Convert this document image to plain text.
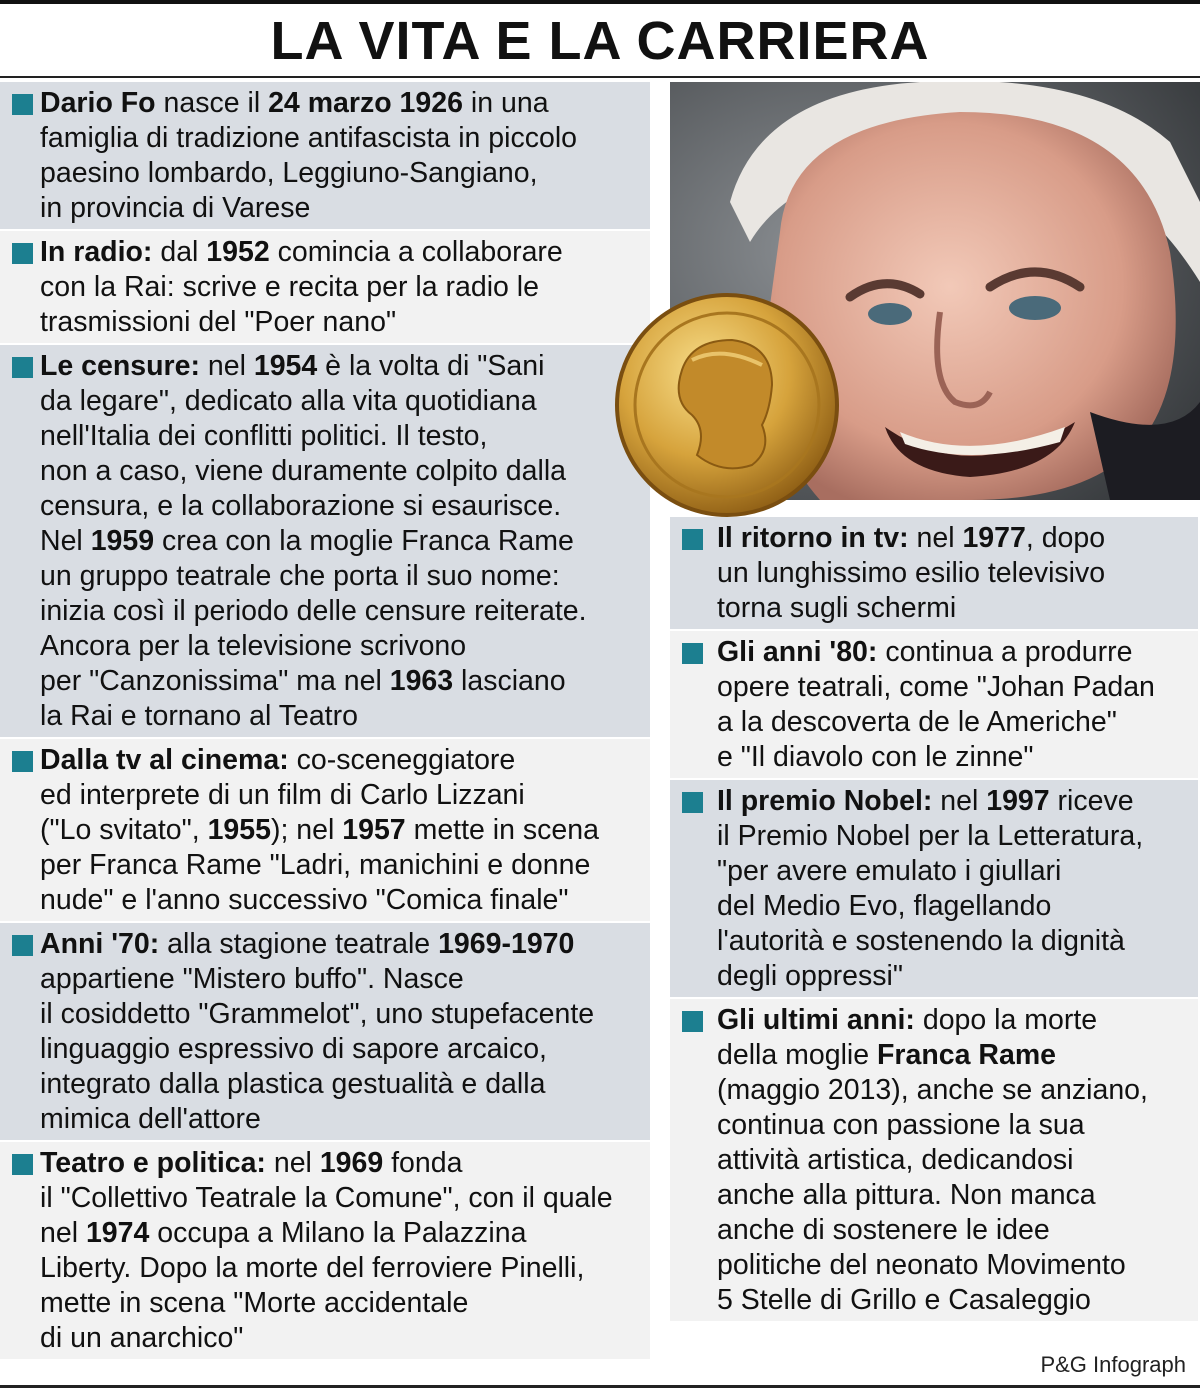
LA VITA E LA CARRIERA
Dario Fo nasce il 24 marzo 1926 in una
famiglia di tradizione antifascista in piccolo
paesino lombardo, Leggiuno-Sangiano,
in provincia di Varese
In radio: dal 1952 comincia a collaborare
con la Rai: scrive e recita per la radio le
trasmissioni del "Poer nano"
Le censure: nel 1954 è la volta di "Sani
da legare", dedicato alla vita quotidiana
nell'Italia dei conflitti politici. Il testo,
non a caso, viene duramente colpito dalla
censura, e la collaborazione si esaurisce.
Nel 1959 crea con la moglie Franca Rame
un gruppo teatrale che porta il suo nome:
inizia così il periodo delle censure reiterate.
Ancora per la televisione scrivono
per "Canzonissima" ma nel 1963 lasciano
la Rai e tornano al Teatro
Dalla tv al cinema: co-sceneggiatore
ed interprete di un film di Carlo Lizzani
("Lo svitato", 1955); nel 1957 mette in scena
per Franca Rame "Ladri, manichini e donne
nude" e l'anno successivo "Comica finale"
Anni '70: alla stagione teatrale 1969-1970
appartiene "Mistero buffo". Nasce
il cosiddetto "Grammelot", uno stupefacente
linguaggio espressivo di sapore arcaico,
integrato dalla plastica gestualità e dalla
mimica dell'attore
Teatro e politica: nel 1969 fonda
il "Collettivo Teatrale la Comune", con il quale
nel 1974 occupa a Milano la Palazzina
Liberty. Dopo la morte del ferroviere Pinelli,
mette in scena "Morte accidentale
di un anarchico"
Il ritorno in tv: nel 1977, dopo
un lunghissimo esilio televisivo
torna sugli schermi
Gli anni '80: continua a produrre
opere teatrali, come "Johan Padan
a la descoverta de le Americhe"
e "Il diavolo con le zinne"
Il premio Nobel: nel 1997 riceve
il Premio Nobel per la Letteratura,
"per avere emulato i giullari
del Medio Evo, flagellando
l'autorità e sostenendo la dignità
degli oppressi"
Gli ultimi anni: dopo la morte
della moglie Franca Rame
(maggio 2013), anche se anziano,
continua con passione la sua
attività artistica, dedicandosi
anche alla pittura. Non manca
anche di sostenere le idee
politiche del neonato Movimento
5 Stelle di Grillo e Casaleggio
P&G Infograph
